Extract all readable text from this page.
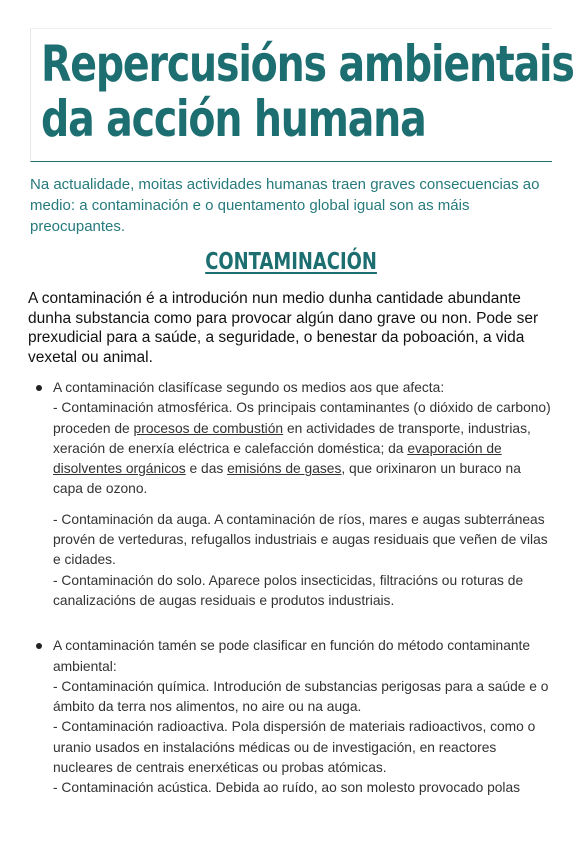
Repercusións ambientais
da acción humana

Na actualidade, moitas actividades humanas traen graves consecuencias ao medio: a contaminación e o quentamento global igual son as máis preocupantes.

CONTAMINACIÓN

A contaminación é a introdución nun medio dunha cantidade abundante dunha substancia como para provocar algún dano grave ou non. Pode ser prexudicial para a saúde, a seguridade, o benestar da poboación, a vida vexetal ou animal.

A contaminación clasifícase segundo os medios aos que afecta:
- Contaminación atmosférica. Os principais contaminantes (o dióxido de carbono) proceden de procesos de combustión en actividades de transporte, industrias, xeración de enerxía eléctrica e calefacción doméstica; da evaporación de disolventes orgánicos e das emisións de gases, que orixinaron un buraco na capa de ozono.

- Contaminación da auga. A contaminación de ríos, mares e augas subterráneas provén de verteduras, refugallos industriais e augas residuais que veñen de vilas e cidades.
- Contaminación do solo. Aparece polos insecticidas, filtracións ou roturas de canalizacións de augas residuais e produtos industriais.

A contaminación tamén se pode clasificar en función do método contaminante ambiental:
- Contaminación química. Introdución de substancias perigosas para a saúde e o ámbito da terra nos alimentos, no aire ou na auga.
- Contaminación radioactiva. Pola dispersión de materiais radioactivos, como o uranio usados en instalacións médicas ou de investigación, en reactores nucleares de centrais enerxéticas ou probas atómicas.
- Contaminación acústica. Debida ao ruído, ao son molesto provocado polas
